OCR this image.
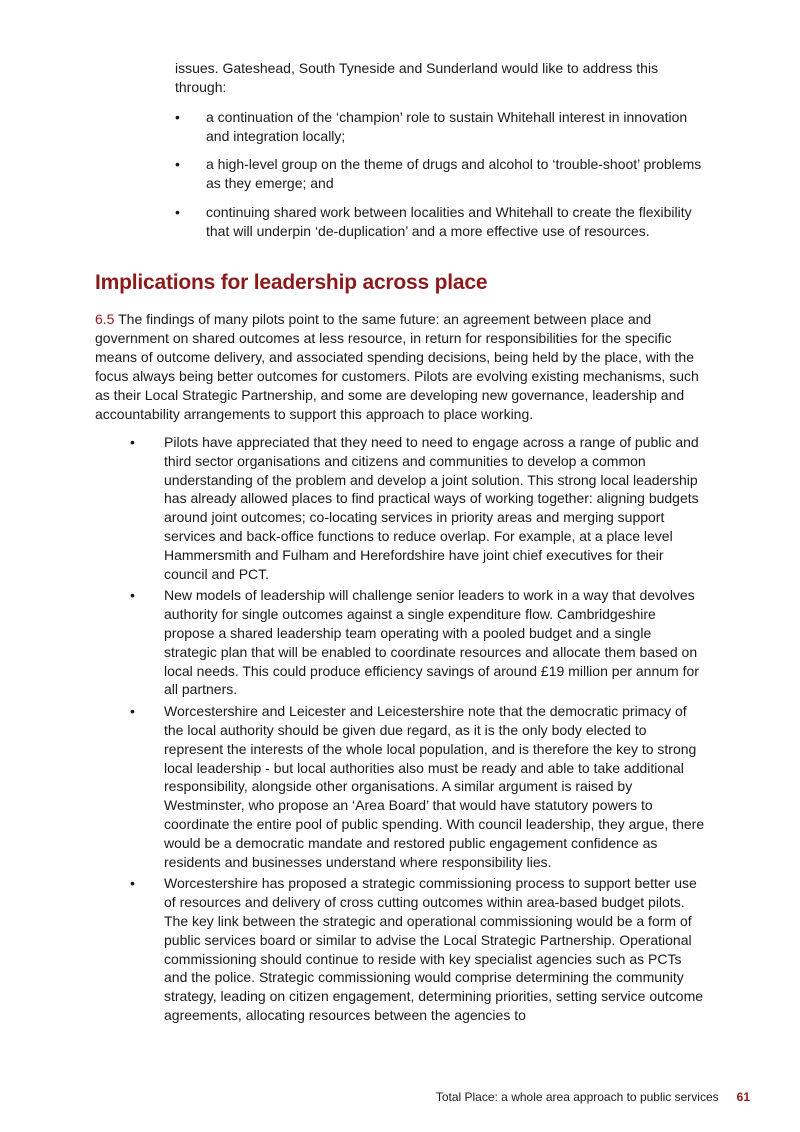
issues. Gateshead, South Tyneside and Sunderland would like to address this through:

• a continuation of the ‘champion’ role to sustain Whitehall interest in innovation and integration locally;
• a high-level group on the theme of drugs and alcohol to ‘trouble-shoot’ problems as they emerge; and
• continuing shared work between localities and Whitehall to create the flexibility that will underpin ‘de-duplication’ and a more effective use of resources.
Implications for leadership across place

6.5 The findings of many pilots point to the same future: an agreement between place and government on shared outcomes at less resource, in return for responsibilities for the specific means of outcome delivery, and associated spending decisions, being held by the place, with the focus always being better outcomes for customers. Pilots are evolving existing mechanisms, such as their Local Strategic Partnership, and some are developing new governance, leadership and accountability arrangements to support this approach to place working.

• Pilots have appreciated that they need to need to engage across a range of public and third sector organisations and citizens and communities to develop a common understanding of the problem and develop a joint solution. This strong local leadership has already allowed places to find practical ways of working together: aligning budgets around joint outcomes; co-locating services in priority areas and merging support services and back-office functions to reduce overlap. For example, at a place level Hammersmith and Fulham and Herefordshire have joint chief executives for their council and PCT.
• New models of leadership will challenge senior leaders to work in a way that devolves authority for single outcomes against a single expenditure flow. Cambridgeshire propose a shared leadership team operating with a pooled budget and a single strategic plan that will be enabled to coordinate resources and allocate them based on local needs. This could produce efficiency savings of around £19 million per annum for all partners.
• Worcestershire and Leicester and Leicestershire note that the democratic primacy of the local authority should be given due regard, as it is the only body elected to represent the interests of the whole local population, and is therefore the key to strong local leadership - but local authorities also must be ready and able to take additional responsibility, alongside other organisations. A similar argument is raised by Westminster, who propose an ‘Area Board’ that would have statutory powers to coordinate the entire pool of public spending. With council leadership, they argue, there would be a democratic mandate and restored public engagement confidence as residents and businesses understand where responsibility lies.
• Worcestershire has proposed a strategic commissioning process to support better use of resources and delivery of cross cutting outcomes within area-based budget pilots. The key link between the strategic and operational commissioning would be a form of public services board or similar to advise the Local Strategic Partnership. Operational commissioning should continue to reside with key specialist agencies such as PCTs and the police. Strategic commissioning would comprise determining the community strategy, leading on citizen engagement, determining priorities, setting service outcome agreements, allocating resources between the agencies to
Total Place: a whole area approach to public services 61
